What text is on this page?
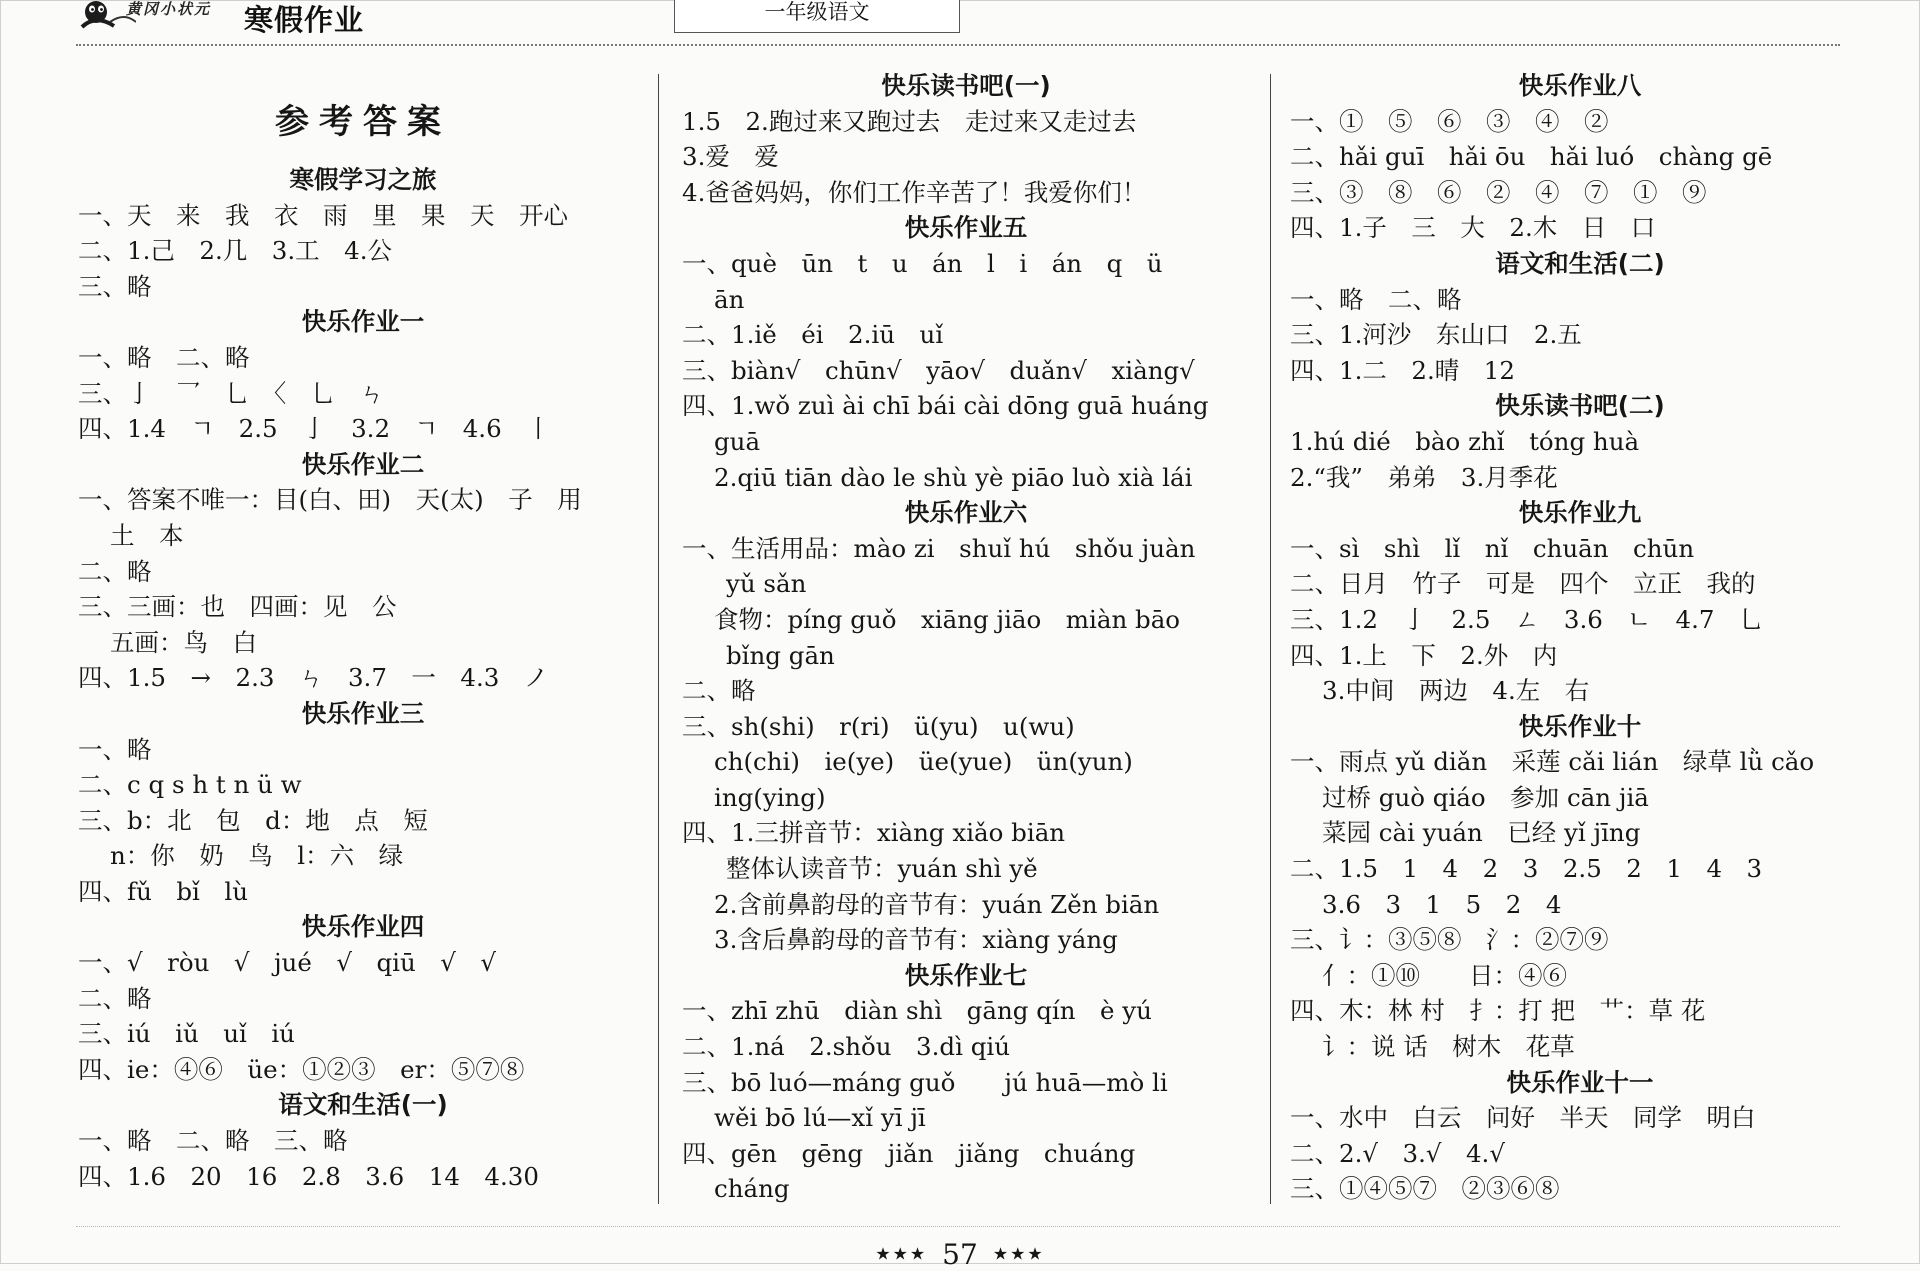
黄冈小状元 寒假作业	一年级语文
参考答案
寒假学习之旅
一、天　来　我　衣　雨　里　果　天　开心
二、1.己　2.几　3.工　4.公
三、略
快乐作业一
一、略　二、略
三、亅　乛　乚　〈　乚　ㄣ
四、1.4　ㄱ　2.5　亅　3.2　ㄱ　4.6　丨
快乐作业二
一、答案不唯一：目(白、田)　天(太)　子　用
土　本
二、略
三、三画：也　四画：见　公
五画：鸟　白
四、1.5　→　2.3　ㄣ　3.7　一　4.3　ノ
快乐作业三
一、略
二、c q s h t n ü w
三、b：北　包　d：地　点　短
n：你　奶　鸟　l：六　绿
四、fǔ　bǐ　lù
快乐作业四
一、√　ròu　√　jué　√　qiū　√　√
二、略
三、iú　iǔ　uǐ　iú
四、ie：④⑥　üe：①②③　er：⑤⑦⑧
语文和生活(一)
一、略　二、略　三、略
四、1.6　20　16　2.8　3.6　14　4.30
快乐读书吧(一)
1.5　2.跑过来又跑过去　走过来又走过去
3.爱　爱
4.爸爸妈妈，你们工作辛苦了！我爱你们！
快乐作业五
一、què　ūn　t　u　án　l　i　án　q　ü
ān
二、1.iě　éi　2.iū　uǐ
三、biàn√　chūn√　yāo√　duǎn√　xiàng√
四、1.wǒ zuì ài chī bái cài dōng guā huáng
guā
2.qiū tiān dào le shù yè piāo luò xià lái
快乐作业六
一、生活用品：mào zi　shuǐ hú　shǒu juàn
yǔ sǎn
食物：píng guǒ　xiāng jiāo　miàn bāo
bǐng gān
二、略
三、sh(shi)　r(ri)　ü(yu)　u(wu)
ch(chi)　ie(ye)　üe(yue)　ün(yun)
ing(ying)
四、1.三拼音节：xiàng xiǎo biān
整体认读音节：yuán shì yě
2.含前鼻韵母的音节有：yuán Zěn biān
3.含后鼻韵母的音节有：xiàng yáng
快乐作业七
一、zhī zhū　diàn shì　gāng qín　è yú
二、1.ná　2.shǒu　3.dì qiú
三、bō luó—máng guǒ　　jú huā—mò li
wěi bō lú—xǐ yī jī
四、gēn　gēng　jiǎn　jiǎng　chuáng
cháng
快乐作业八
一、①　⑤　⑥　③　④　②
二、hǎi guī　hǎi ōu　hǎi luó　chàng gē
三、③　⑧　⑥　②　④　⑦　①　⑨
四、1.子　三　大　2.木　日　口
语文和生活(二)
一、略　二、略
三、1.河沙　东山口　2.五
四、1.二　2.晴　12
快乐读书吧(二)
1.hú dié　bào zhǐ　tóng huà
2.“我”　弟弟　3.月季花
快乐作业九
一、sì　shì　lǐ　nǐ　chuān　chūn
二、日月　竹子　可是　四个　立正　我的
三、1.2　亅　2.5　ㄥ　3.6　ㄴ　4.7　乚
四、1.上　下　2.外　内
3.中间　两边　4.左　右
快乐作业十
一、雨点 yǔ diǎn　采莲 cǎi lián　绿草 lǜ cǎo
过桥 guò qiáo　参加 cān jiā
菜园 cài yuán　已经 yǐ jīng
二、1.5　1　4　2　3　2.5　2　1　4　3
3.6　3　1　5　2　4
三、讠：③⑤⑧　氵：②⑦⑨
亻：①⑩　　日：④⑥
四、木：林 村　扌：打 把　艹：草 花
讠：说 话　树木　花草
快乐作业十一
一、水中　白云　问好　半天　同学　明白
二、2.√　3.√　4.√
三、①④⑤⑦　②③⑥⑧
★★★ 57 ★★★
